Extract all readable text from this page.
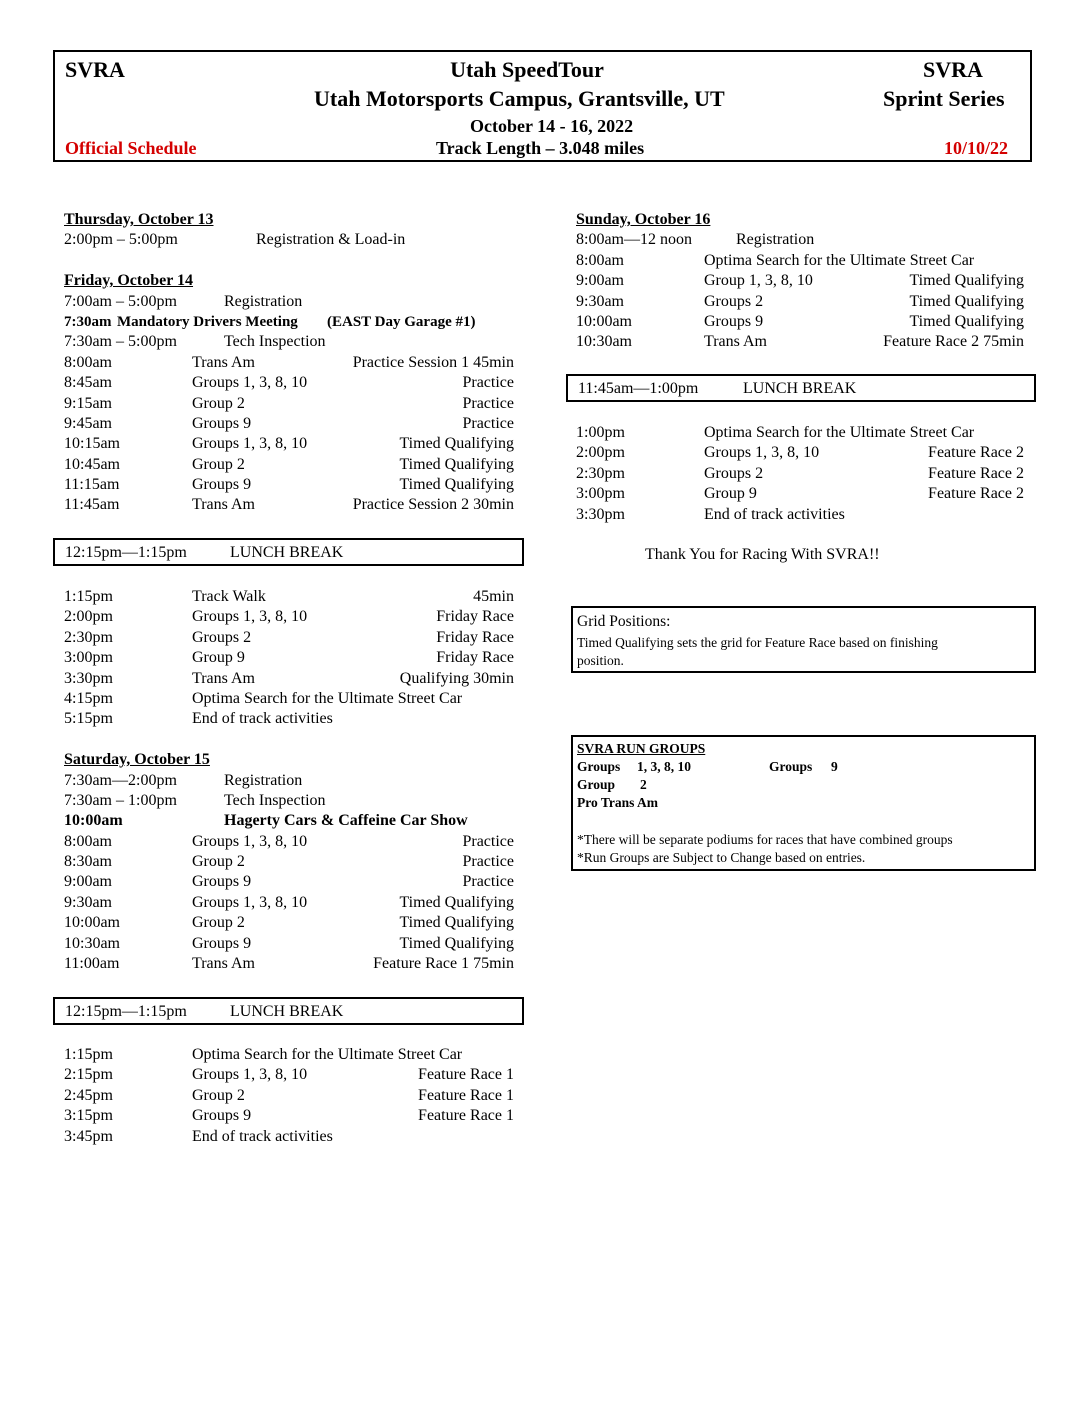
SVRA	Utah SpeedTour	SVRA
Utah Motorsports Campus, Grantsville, UT	Sprint Series
October 14 - 16, 2022
Official Schedule	Track Length – 3.048 miles	10/10/22
Thursday, October 13
2:00pm – 5:00pm	Registration & Load-in
Friday, October 14
7:00am – 5:00pm	Registration
7:30am Mandatory Drivers Meeting (EAST Day Garage #1)
7:30am – 5:00pm	Tech Inspection
8:00am	Trans Am	Practice Session 1 45min
8:45am	Groups 1, 3, 8, 10	Practice
9:15am	Group 2	Practice
9:45am	Groups 9	Practice
10:15am	Groups 1, 3, 8, 10	Timed Qualifying
10:45am	Group 2	Timed Qualifying
11:15am	Groups 9	Timed Qualifying
11:45am	Trans Am	Practice Session 2 30min
12:15pm—1:15pm	LUNCH BREAK
1:15pm	Track Walk	45min
2:00pm	Groups 1, 3, 8, 10	Friday Race
2:30pm	Groups 2	Friday Race
3:00pm	Group 9	Friday Race
3:30pm	Trans Am	Qualifying 30min
4:15pm	Optima Search for the Ultimate Street Car
5:15pm	End of track activities
Saturday, October 15
7:30am—2:00pm	Registration
7:30am – 1:00pm	Tech Inspection
10:00am	Hagerty Cars & Caffeine Car Show
8:00am	Groups 1, 3, 8, 10	Practice
8:30am	Group 2	Practice
9:00am	Groups 9	Practice
9:30am	Groups 1, 3, 8, 10	Timed Qualifying
10:00am	Group 2	Timed Qualifying
10:30am	Groups 9	Timed Qualifying
11:00am	Trans Am	Feature Race 1 75min
12:15pm—1:15pm	LUNCH BREAK
1:15pm	Optima Search for the Ultimate Street Car
2:15pm	Groups 1, 3, 8, 10	Feature Race 1
2:45pm	Group 2	Feature Race 1
3:15pm	Groups 9	Feature Race 1
3:45pm	End of track activities
Sunday, October 16
8:00am—12 noon	Registration
8:00am	Optima Search for the Ultimate Street Car
9:00am	Group 1, 3, 8, 10	Timed Qualifying
9:30am	Groups 2	Timed Qualifying
10:00am	Groups 9	Timed Qualifying
10:30am	Trans Am	Feature Race 2 75min
11:45am—1:00pm	LUNCH BREAK
1:00pm	Optima Search for the Ultimate Street Car
2:00pm	Groups 1, 3, 8, 10	Feature Race 2
2:30pm	Groups 2	Feature Race 2
3:00pm	Group 9	Feature Race 2
3:30pm	End of track activities
Thank You for Racing With SVRA!!
Grid Positions:
Timed Qualifying sets the grid for Feature Race based on finishing
position.
SVRA RUN GROUPS
Groups 1, 3, 8, 10	Groups 9
Group 2
Pro Trans Am
*There will be separate podiums for races that have combined groups
*Run Groups are Subject to Change based on entries.
